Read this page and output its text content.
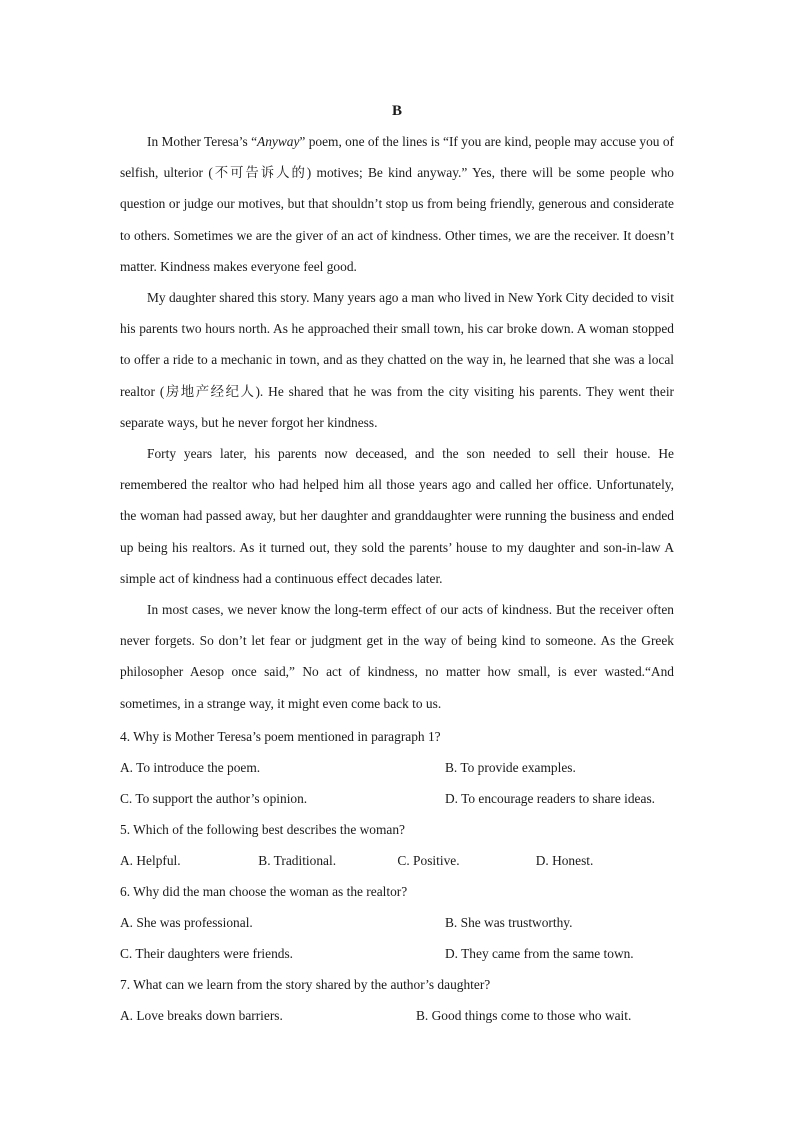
B

In Mother Teresa’s “Anyway” poem, one of the lines is “If you are kind, people may accuse you of selfish, ulterior (不可告诉人的) motives; Be kind anyway.” Yes, there will be some people who question or judge our motives, but that shouldn’t stop us from being friendly, generous and considerate to others. Sometimes we are the giver of an act of kindness. Other times, we are the receiver. It doesn’t matter. Kindness makes everyone feel good.

My daughter shared this story. Many years ago a man who lived in New York City decided to visit his parents two hours north. As he approached their small town, his car broke down. A woman stopped to offer a ride to a mechanic in town, and as they chatted on the way in, he learned that she was a local realtor (房地产经纪人). He shared that he was from the city visiting his parents. They went their separate ways, but he never forgot her kindness.

Forty years later, his parents now deceased, and the son needed to sell their house. He remembered the realtor who had helped him all those years ago and called her office. Unfortunately, the woman had passed away, but her daughter and granddaughter were running the business and ended up being his realtors. As it turned out, they sold the parents’ house to my daughter and son-in-law A simple act of kindness had a continuous effect decades later.

In most cases, we never know the long-term effect of our acts of kindness. But the receiver often never forgets. So don’t let fear or judgment get in the way of being kind to someone. As the Greek philosopher Aesop once said,” No act of kindness, no matter how small, is ever wasted.“And sometimes, in a strange way, it might even come back to us.

4. Why is Mother Teresa’s poem mentioned in paragraph 1?
A. To introduce the poem.	B. To provide examples.
C. To support the author’s opinion.	D. To encourage readers to share ideas.
5. Which of the following best describes the woman?
A. Helpful.	B. Traditional.	C. Positive.	D. Honest.
6. Why did the man choose the woman as the realtor?
A. She was professional.	B. She was trustworthy.
C. Their daughters were friends.	D. They came from the same town.
7. What can we learn from the story shared by the author’s daughter?
A. Love breaks down barriers.	B. Good things come to those who wait.
